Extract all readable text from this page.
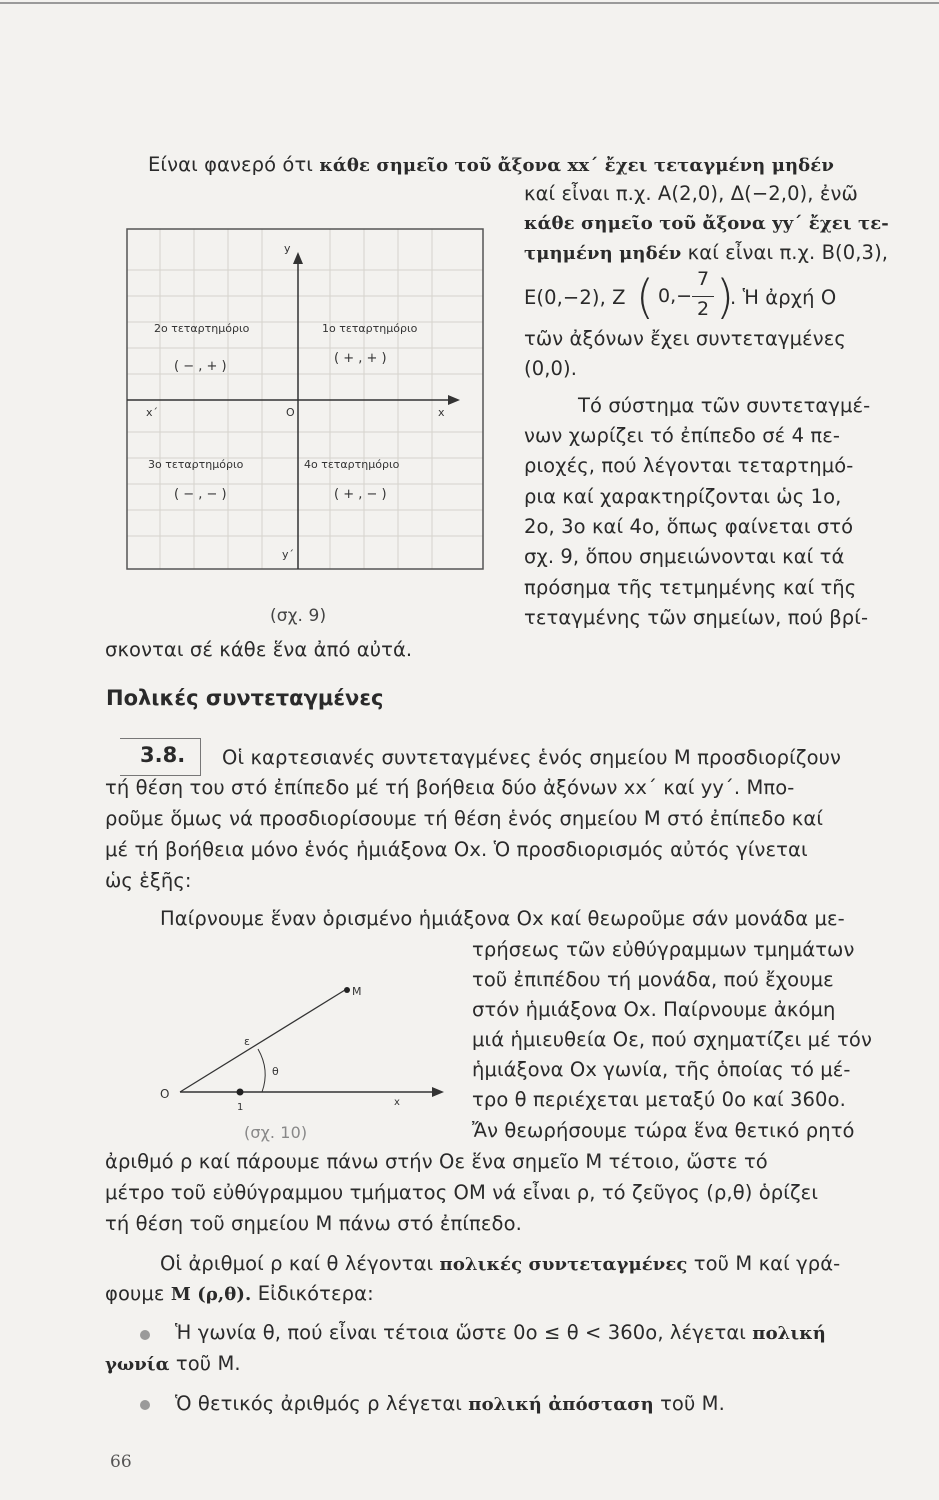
Είναι φανερό ότι κάθε σημεῖο τοῦ ἄξονα xx΄ ἔχει τεταγμένη μηδέν
καί εἶναι π.χ. Α(2,0), Δ(−2,0), ἐνῶ
κάθε σημεῖο τοῦ ἄξονα yy΄ ἔχει τε-
τμημένη μηδέν καί εἶναι π.χ. Β(0,3),
Ε(0,−2), Ζ ( 0,−
7
2 )
. Ἡ ἀρχή Ο
τῶν ἀξόνων ἔχει συντεταγμένες
(0,0).
Τό σύστημα τῶν συντεταγμέ-
νων χωρίζει τό ἐπίπεδο σέ 4 πε-
ριοχές, πού λέγονται τεταρτημό-
ρια καί χαρακτηρίζονται ὡς 1ο,
2ο, 3ο καί 4ο, ὅπως φαίνεται στό
σχ. 9, ὅπου σημειώνονται καί τά
πρόσημα τῆς τετμημένης καί τῆς
τεταγμένης τῶν σημείων, πού βρί-
y
y΄
x΄	x
O
2ο τεταρτημόριο
( − , + )
1ο τεταρτημόριο
( + , + )
3ο τεταρτημόριο
( − , − )
4ο τεταρτημόριο
( + , − )
(σχ. 9)
σκονται σέ κάθε ἕνα ἀπό αὐτά.
Πολικές συντεταγμένες
3.8. Οἱ καρτεσιανές συντεταγμένες ἑνός σημείου Μ προσδιορίζουν
τή θέση του στό ἐπίπεδο μέ τή βοήθεια δύο ἀξόνων xx΄ καί yy΄. Μπο-
ροῦμε ὅμως νά προσδιορίσουμε τή θέση ἑνός σημείου Μ στό ἐπίπεδο καί
μέ τή βοήθεια μόνο ἑνός ἡμιάξονα Οx. Ὁ προσδιορισμός αὐτός γίνεται
ὡς ἑξῆς:
Παίρνουμε ἕναν ὁρισμένο ἡμιάξονα Οx καί θεωροῦμε σάν μονάδα με-
τρήσεως τῶν εὐθύγραμμων τμημάτων
τοῦ ἐπιπέδου τή μονάδα, πού ἔχουμε
στόν ἡμιάξονα Οx. Παίρνουμε ἀκόμη
μιά ἡμιευθεία Οε, πού σχηματίζει μέ τόν
ἡμιάξονα Οx γωνία, τῆς ὁποίας τό μέ-
τρο θ περιέχεται μεταξύ 0ο καί 360ο.
Ἄν θεωρήσουμε τώρα ἕνα θετικό ρητό
ἀριθμό ρ καί πάρουμε πάνω στήν Οε ἕνα σημεῖο Μ τέτοιο, ὥστε τό
μέτρο τοῦ εὐθύγραμμου τμήματος ΟΜ νά εἶναι ρ, τό ζεῦγος (ρ,θ) ὁρίζει
τή θέση τοῦ σημείου Μ πάνω στό ἐπίπεδο.
Οἱ ἀριθμοί ρ καί θ λέγονται πολικές συντεταγμένες τοῦ Μ καί γρά-
φουμε Μ (ρ,θ). Εἰδικότερα:
Ἡ γωνία θ, πού εἶναι τέτοια ὥστε 0ο ≤ θ < 360ο, λέγεται πολική
γωνία τοῦ Μ.
Ὁ θετικός ἀριθμός ρ λέγεται πολική ἀπόσταση τοῦ Μ.
O
M
ε
θ
1	x
(σχ. 10)
66
